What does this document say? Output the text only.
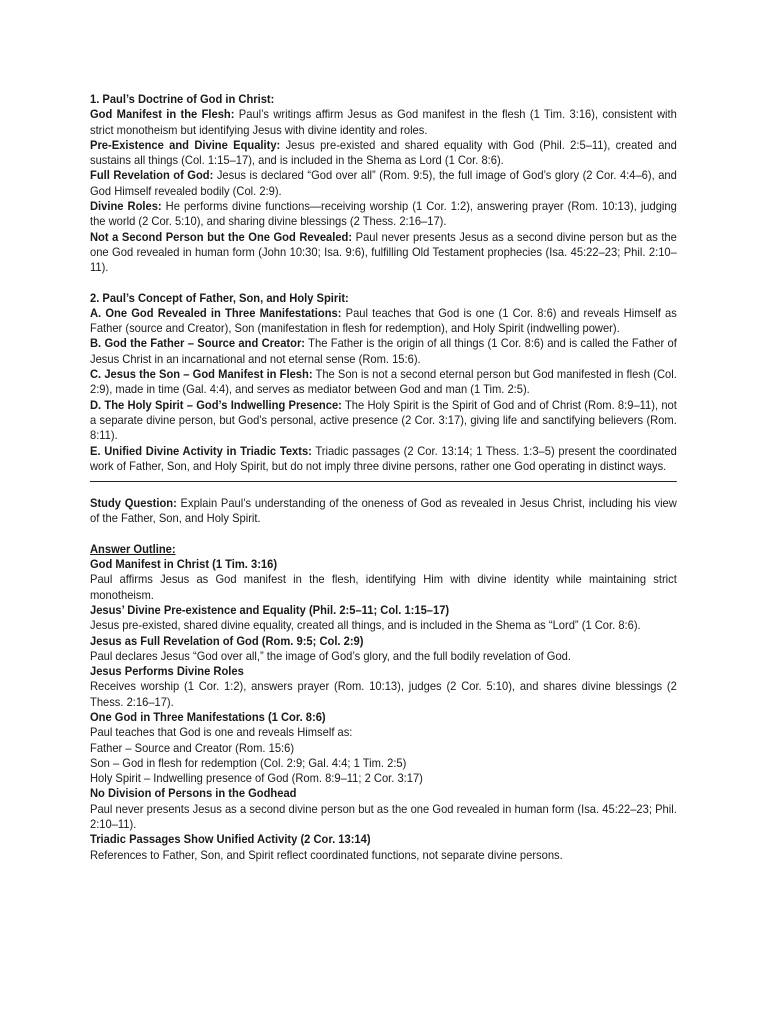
1. Paul’s Doctrine of God in Christ:

God Manifest in the Flesh: Paul’s writings affirm Jesus as God manifest in the flesh (1 Tim. 3:16), consistent with strict monotheism but identifying Jesus with divine identity and roles.

Pre-Existence and Divine Equality: Jesus pre-existed and shared equality with God (Phil. 2:5–11), created and sustains all things (Col. 1:15–17), and is included in the Shema as Lord (1 Cor. 8:6).

Full Revelation of God: Jesus is declared “God over all” (Rom. 9:5), the full image of God’s glory (2 Cor. 4:4–6), and God Himself revealed bodily (Col. 2:9).

Divine Roles: He performs divine functions—receiving worship (1 Cor. 1:2), answering prayer (Rom. 10:13), judging the world (2 Cor. 5:10), and sharing divine blessings (2 Thess. 2:16–17).

Not a Second Person but the One God Revealed: Paul never presents Jesus as a second divine person but as the one God revealed in human form (John 10:30; Isa. 9:6), fulfilling Old Testament prophecies (Isa. 45:22–23; Phil. 2:10–11).

2. Paul’s Concept of Father, Son, and Holy Spirit:

A. One God Revealed in Three Manifestations: Paul teaches that God is one (1 Cor. 8:6) and reveals Himself as Father (source and Creator), Son (manifestation in flesh for redemption), and Holy Spirit (indwelling power).

B. God the Father – Source and Creator: The Father is the origin of all things (1 Cor. 8:6) and is called the Father of Jesus Christ in an incarnational and not eternal sense (Rom. 15:6).

C. Jesus the Son – God Manifest in Flesh: The Son is not a second eternal person but God manifested in flesh (Col. 2:9), made in time (Gal. 4:4), and serves as mediator between God and man (1 Tim. 2:5).

D. The Holy Spirit – God’s Indwelling Presence: The Holy Spirit is the Spirit of God and of Christ (Rom. 8:9–11), not a separate divine person, but God’s personal, active presence (2 Cor. 3:17), giving life and sanctifying believers (Rom. 8:11).

E. Unified Divine Activity in Triadic Texts: Triadic passages (2 Cor. 13:14; 1 Thess. 1:3–5) present the coordinated work of Father, Son, and Holy Spirit, but do not imply three divine persons, rather one God operating in distinct ways.

Study Question: Explain Paul’s understanding of the oneness of God as revealed in Jesus Christ, including his view of the Father, Son, and Holy Spirit.

Answer Outline:

God Manifest in Christ (1 Tim. 3:16)

Paul affirms Jesus as God manifest in the flesh, identifying Him with divine identity while maintaining strict monotheism.

Jesus’ Divine Pre-existence and Equality (Phil. 2:5–11; Col. 1:15–17)

Jesus pre-existed, shared divine equality, created all things, and is included in the Shema as “Lord” (1 Cor. 8:6).

Jesus as Full Revelation of God (Rom. 9:5; Col. 2:9)

Paul declares Jesus “God over all,” the image of God’s glory, and the full bodily revelation of God.

Jesus Performs Divine Roles

Receives worship (1 Cor. 1:2), answers prayer (Rom. 10:13), judges (2 Cor. 5:10), and shares divine blessings (2 Thess. 2:16–17).

One God in Three Manifestations (1 Cor. 8:6)

Paul teaches that God is one and reveals Himself as:

Father – Source and Creator (Rom. 15:6)

Son – God in flesh for redemption (Col. 2:9; Gal. 4:4; 1 Tim. 2:5)

Holy Spirit – Indwelling presence of God (Rom. 8:9–11; 2 Cor. 3:17)

No Division of Persons in the Godhead

Paul never presents Jesus as a second divine person but as the one God revealed in human form (Isa. 45:22–23; Phil. 2:10–11).

Triadic Passages Show Unified Activity (2 Cor. 13:14)

References to Father, Son, and Spirit reflect coordinated functions, not separate divine persons.
